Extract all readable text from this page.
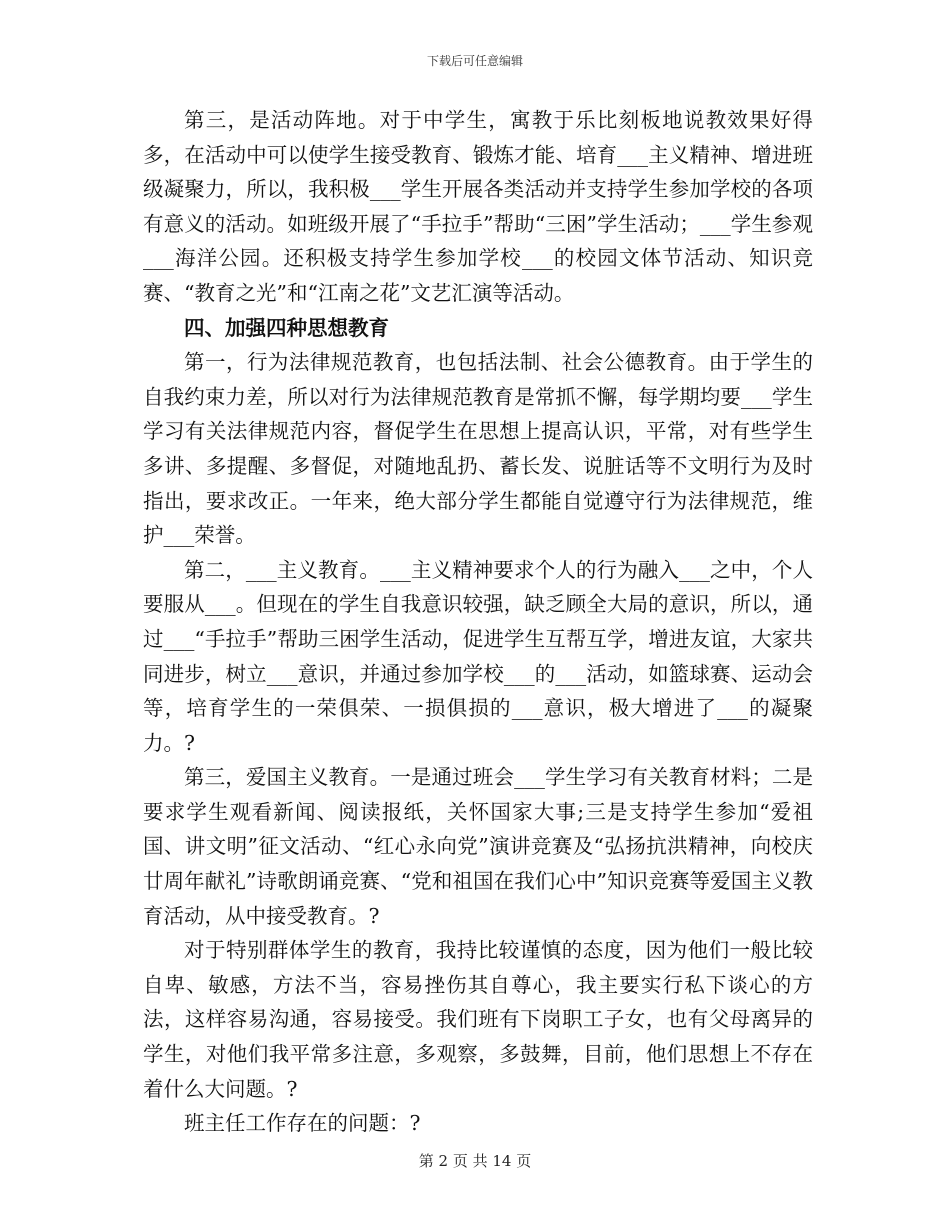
下载后可任意编辑

第三，是活动阵地。对于中学生，寓教于乐比刻板地说教效果好得多，在活动中可以使学生接受教育、锻炼才能、培育___主义精神、增进班级凝聚力，所以，我积极___学生开展各类活动并支持学生参加学校的各项有意义的活动。如班级开展了“手拉手”帮助“三困”学生活动；___学生参观___海洋公园。还积极支持学生参加学校___的校园文体节活动、知识竞赛、“教育之光”和“江南之花”文艺汇演等活动。

四、加强四种思想教育

第一，行为法律规范教育，也包括法制、社会公德教育。由于学生的自我约束力差，所以对行为法律规范教育是常抓不懈，每学期均要___学生学习有关法律规范内容，督促学生在思想上提高认识，平常，对有些学生多讲、多提醒、多督促，对随地乱扔、蓄长发、说脏话等不文明行为及时指出，要求改正。一年来，绝大部分学生都能自觉遵守行为法律规范，维护___荣誉。

第二，___主义教育。___主义精神要求个人的行为融入___之中，个人要服从___。但现在的学生自我意识较强，缺乏顾全大局的意识，所以，通过___“手拉手”帮助三困学生活动，促进学生互帮互学，增进友谊，大家共同进步，树立___意识，并通过参加学校___的___活动，如篮球赛、运动会等，培育学生的一荣俱荣、一损俱损的___意识，极大增进了___的凝聚力。?

第三，爱国主义教育。一是通过班会___学生学习有关教育材料；二是要求学生观看新闻、阅读报纸，关怀国家大事;三是支持学生参加“爱祖国、讲文明”征文活动、“红心永向党”演讲竞赛及“弘扬抗洪精神，向校庆廿周年献礼”诗歌朗诵竞赛、“党和祖国在我们心中”知识竞赛等爱国主义教育活动，从中接受教育。?

对于特别群体学生的教育，我持比较谨慎的态度，因为他们一般比较自卑、敏感，方法不当，容易挫伤其自尊心，我主要实行私下谈心的方法，这样容易沟通，容易接受。我们班有下岗职工子女，也有父母离异的学生，对他们我平常多注意，多观察，多鼓舞，目前，他们思想上不存在着什么大问题。?

班主任工作存在的问题：?

第 2 页 共 14 页
